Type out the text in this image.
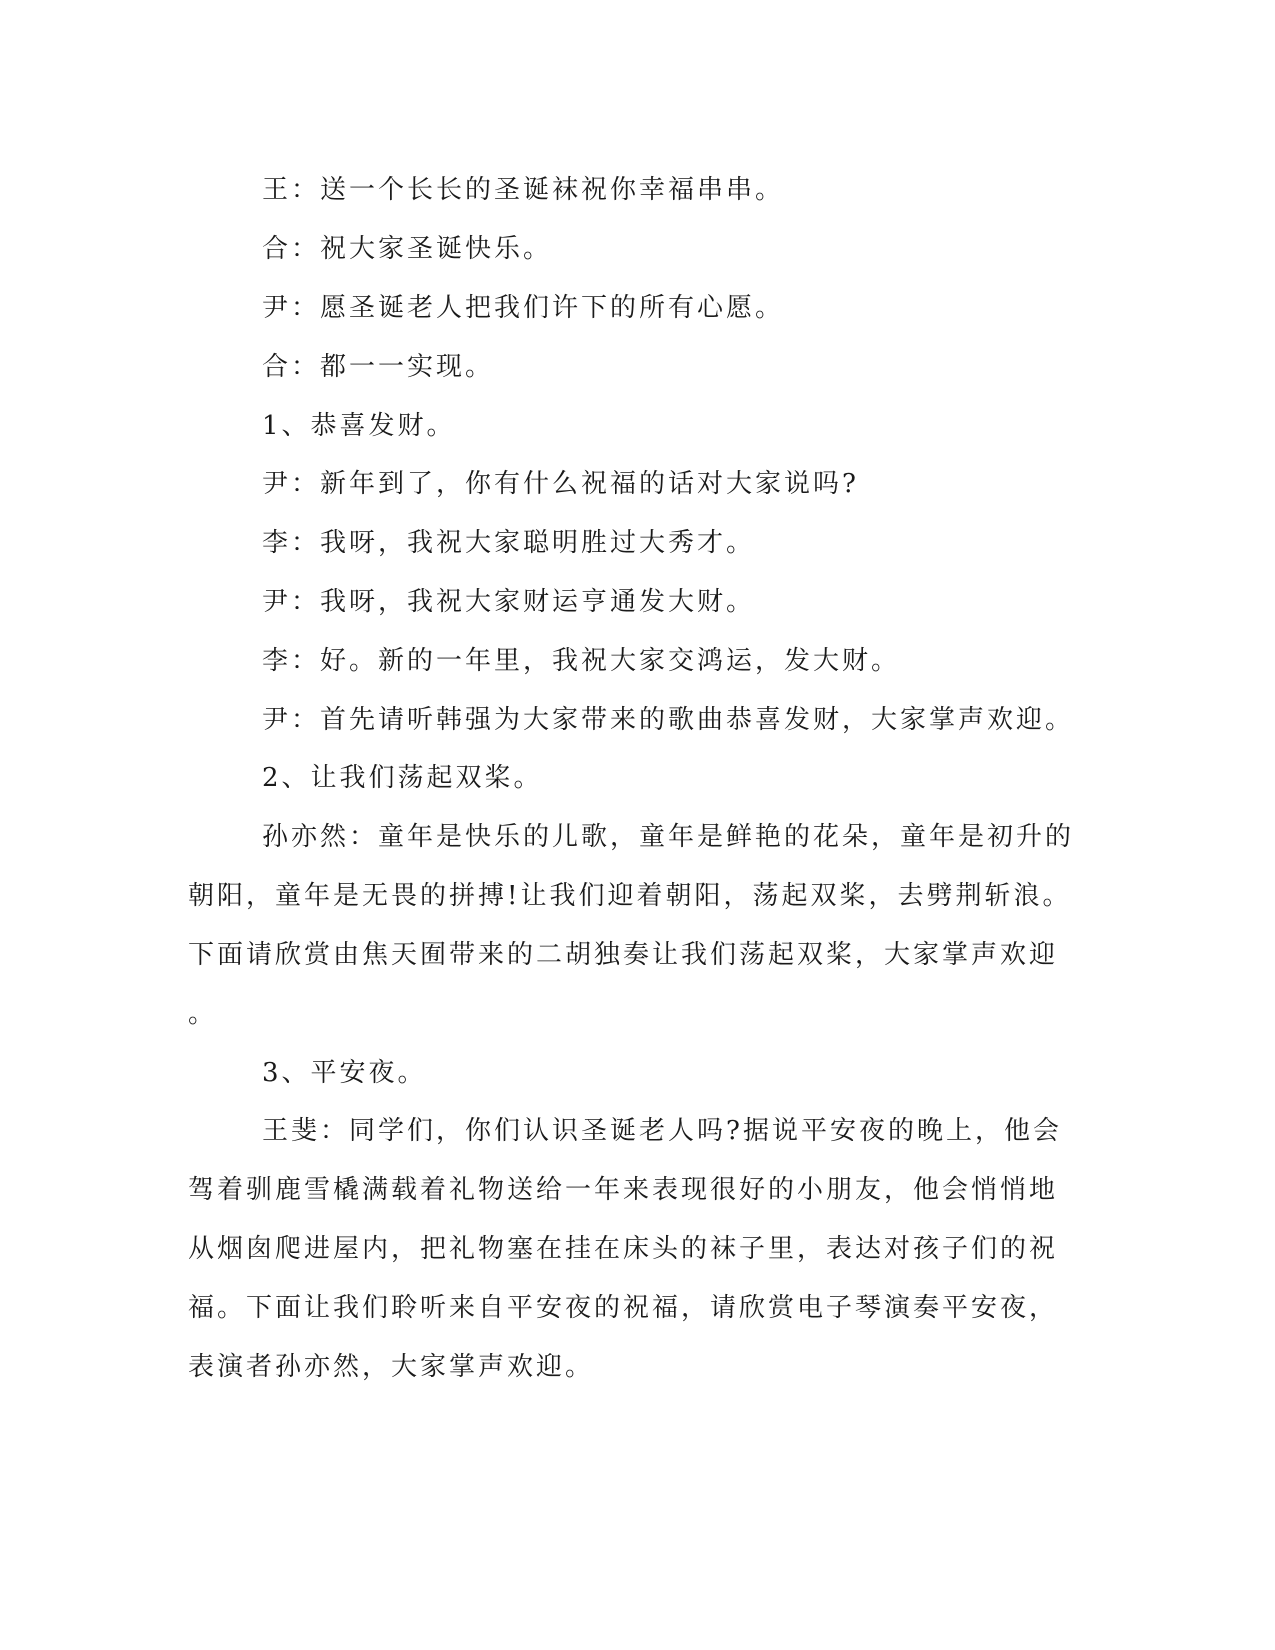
王：送一个长长的圣诞袜祝你幸福串串。
合：祝大家圣诞快乐。
尹：愿圣诞老人把我们许下的所有心愿。
合：都一一实现。
1、恭喜发财。
尹：新年到了，你有什么祝福的话对大家说吗?
李：我呀，我祝大家聪明胜过大秀才。
尹：我呀，我祝大家财运亨通发大财。
李：好。新的一年里，我祝大家交鸿运，发大财。
尹：首先请听韩强为大家带来的歌曲恭喜发财，大家掌声欢迎。
2、让我们荡起双桨。
孙亦然：童年是快乐的儿歌，童年是鲜艳的花朵，童年是初升的
朝阳，童年是无畏的拼搏!让我们迎着朝阳，荡起双桨，去劈荆斩浪。
下面请欣赏由焦天囿带来的二胡独奏让我们荡起双桨，大家掌声欢迎
。
3、平安夜。
王斐：同学们，你们认识圣诞老人吗?据说平安夜的晚上，他会
驾着驯鹿雪橇满载着礼物送给一年来表现很好的小朋友，他会悄悄地
从烟囱爬进屋内，把礼物塞在挂在床头的袜子里，表达对孩子们的祝
福。下面让我们聆听来自平安夜的祝福，请欣赏电子琴演奏平安夜，
表演者孙亦然，大家掌声欢迎。
